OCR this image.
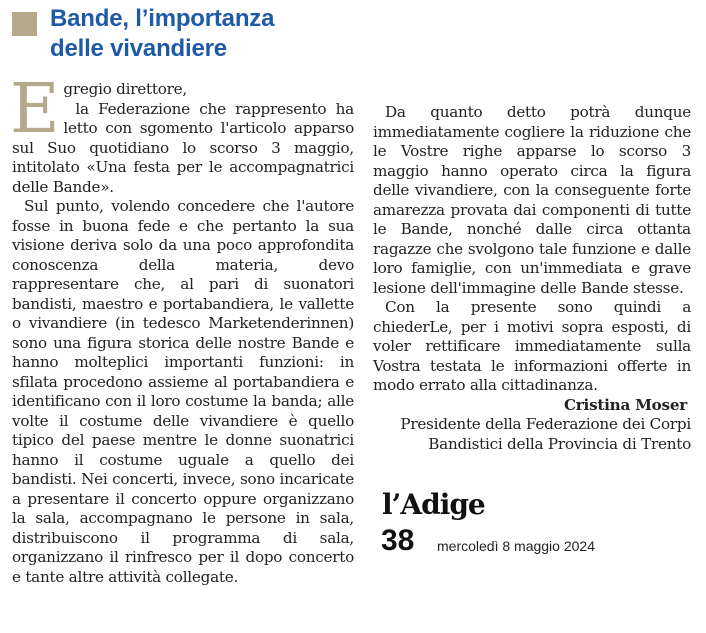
Bande, l’importanza
delle vivandiere

E gregio direttore,

la Federazione che rappresento ha letto con sgomento l'articolo apparso sul Suo quotidiano lo scorso 3 maggio, intitolato «Una festa per le accompagnatrici delle Bande».

Sul punto, volendo concedere che l'autore fosse in buona fede e che pertanto la sua visione deriva solo da una poco approfondita conoscenza della materia, devo rappresentare che, al pari di suonatori bandisti, maestro e portabandiera, le vallette o vivandiere (in tedesco Marketenderinnen) sono una figura storica delle nostre Bande e hanno molteplici importanti funzioni: in sfilata procedono assieme al portabandiera e identificano con il loro costume la banda; alle volte il costume delle vivandiere è quello tipico del paese mentre le donne suonatrici hanno il costume uguale a quello dei bandisti. Nei concerti, invece, sono incaricate a presentare il concerto oppure organizzano la sala, accompagnano le persone in sala, distribuiscono il programma di sala, organizzano il rinfresco per il dopo concerto e tante altre attività collegate.

Da quanto detto potrà dunque immediatamente cogliere la riduzione che le Vostre righe apparse lo scorso 3 maggio hanno operato circa la figura delle vivandiere, con la conseguente forte amarezza provata dai componenti di tutte le Bande, nonché dalle circa ottanta ragazze che svolgono tale funzione e dalle loro famiglie, con un'immediata e grave lesione dell'immagine delle Bande stesse.

Con la presente sono quindi a chiederLe, per i motivi sopra esposti, di voler rettificare immediatamente sulla Vostra testata le informazioni offerte in modo errato alla cittadinanza.

Cristina Moser

Presidente della Federazione dei Corpi Bandistici della Provincia di Trento

l’Adige
38 mercoledì 8 maggio 2024
